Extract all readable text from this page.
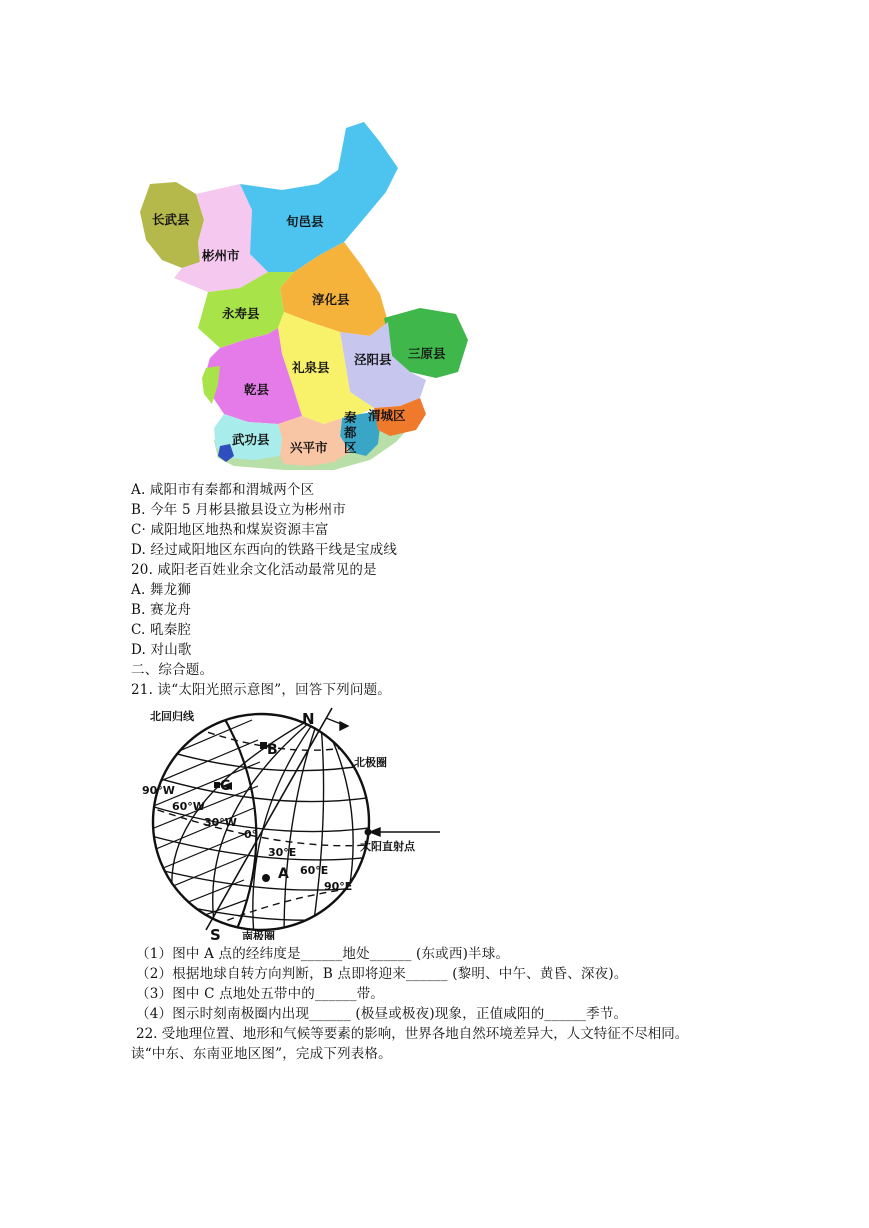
长武县
彬州市
旬邑县
淳化县
永寿县
三原县
泾阳县
礼泉县
乾县
秦
都
区
渭城区
武功县
兴平市
A. 咸阳市有秦都和渭城两个区
B. 今年 5 月彬县撤县设立为彬州市
C· 咸阳地区地热和煤炭资源丰富
D. 经过咸阳地区东西向的铁路干线是宝成线
20. 咸阳老百姓业余文化活动最常见的是
A. 舞龙狮
B. 赛龙舟
C. 吼秦腔
D. 对山歌
二、综合题。
21. 读“太阳光照示意图”，回答下列问题。
N
S
北回归线
北极圈
南极圈
太阳直射点
B
C
A
90°W
60°W
30°W
0°
30°E
60°E
90°E
（1）图中 A 点的经纬度是______地处______ (东或西)半球。
（2）根据地球自转方向判断，B 点即将迎来______ (黎明、中午、黄昏、深夜)。
（3）图中 C 点地处五带中的______带。
（4）图示时刻南极圈内出现______ (极昼或极夜)现象，正值咸阳的______季节。
22. 受地理位置、地形和气候等要素的影响，世界各地自然环境差异大，人文特征不尽相同。
读“中东、东南亚地区图”，完成下列表格。
